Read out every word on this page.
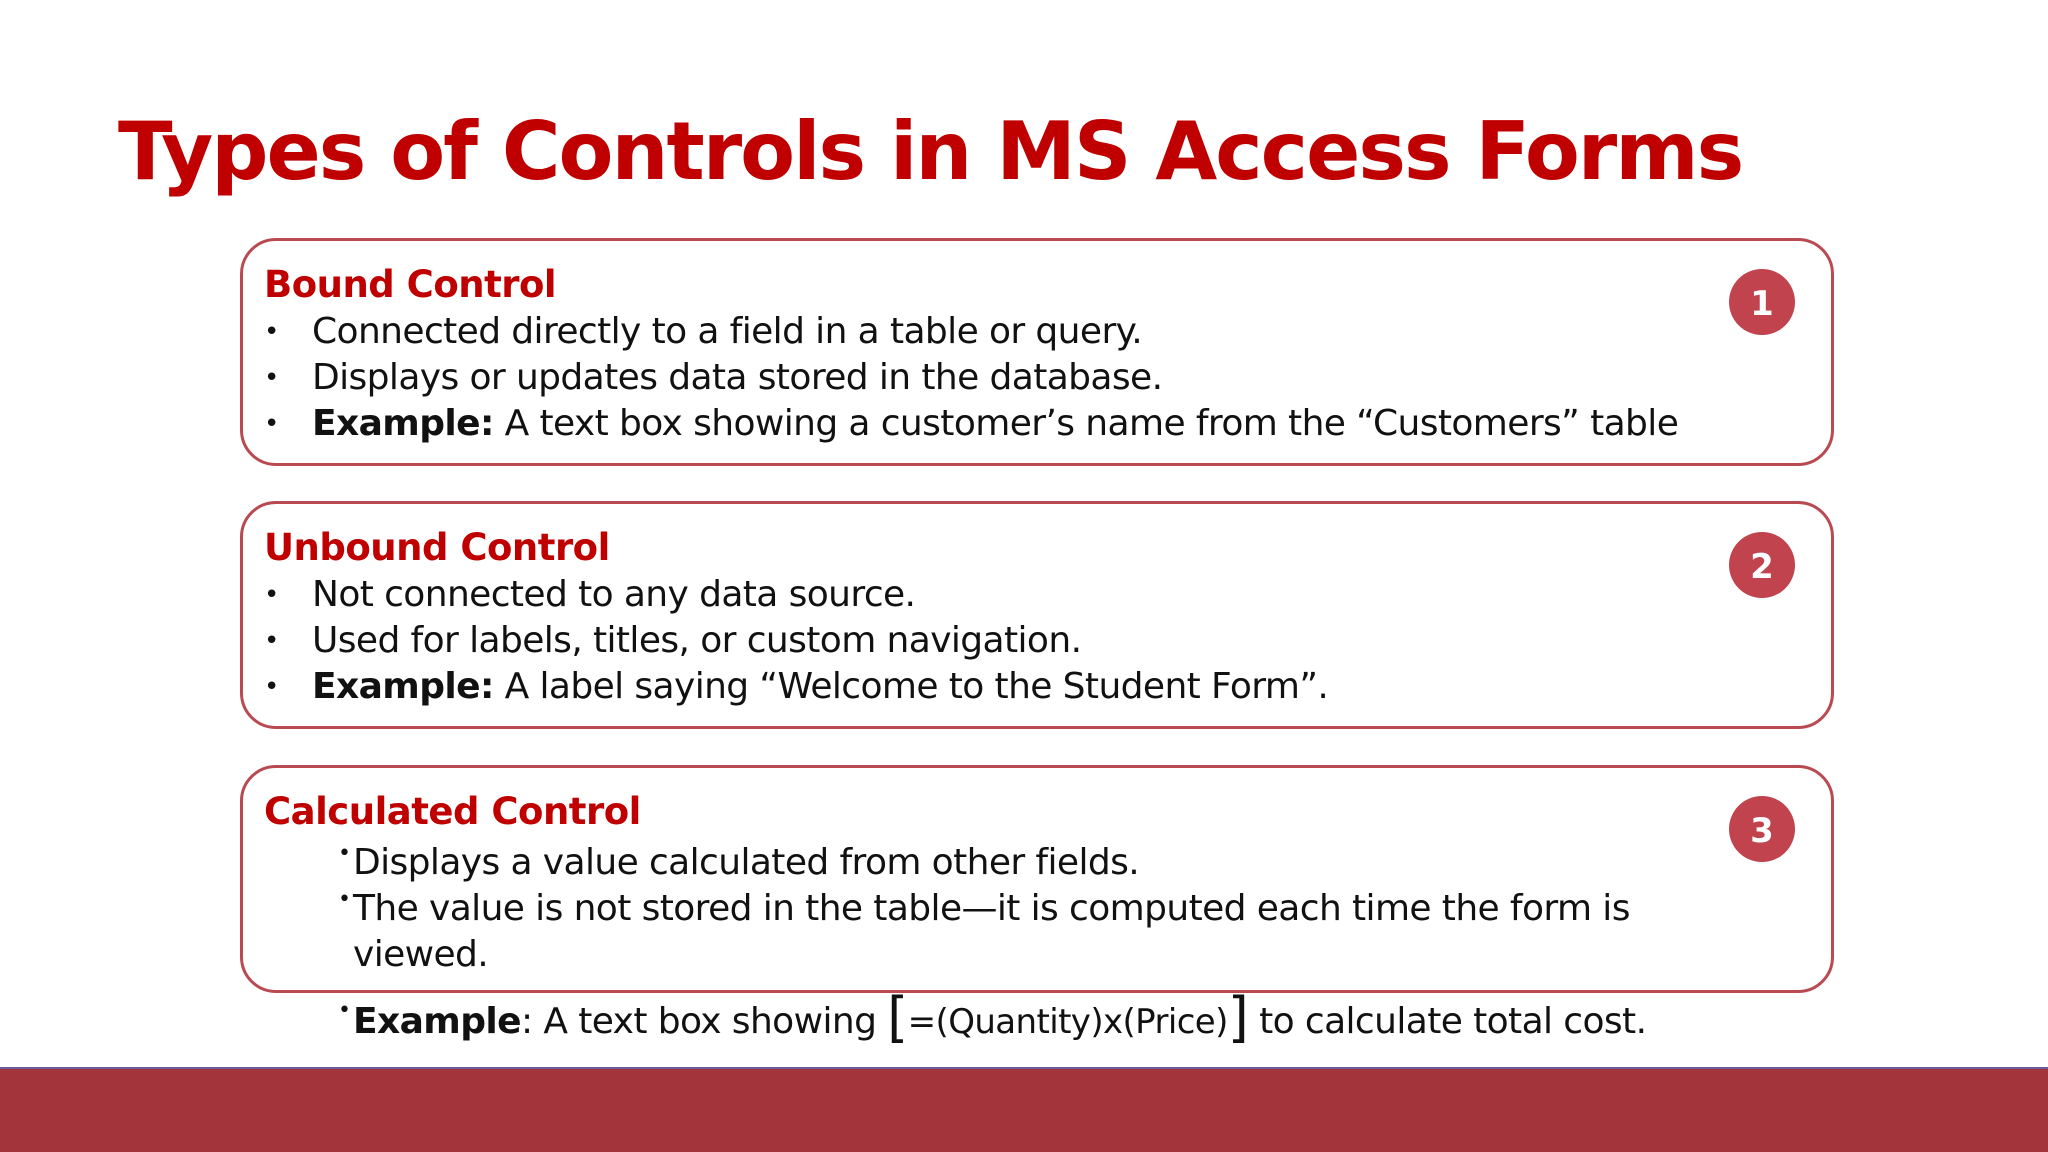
Types of Controls in MS Access Forms
Bound Control
• Connected directly to a field in a table or query.
• Displays or updates data stored in the database.
• Example: A text box showing a customer’s name from the “Customers” table
1
Unbound Control
• Not connected to any data source.
• Used for labels, titles, or custom navigation.
• Example: A label saying “Welcome to the Student Form”.
2
Calculated Control	3
• Displays a value calculated from other fields.
• The value is not stored in the table—it is computed each time the form is viewed.
• Example: A text box showing [=(Quantity)x(Price)] to calculate total cost.
